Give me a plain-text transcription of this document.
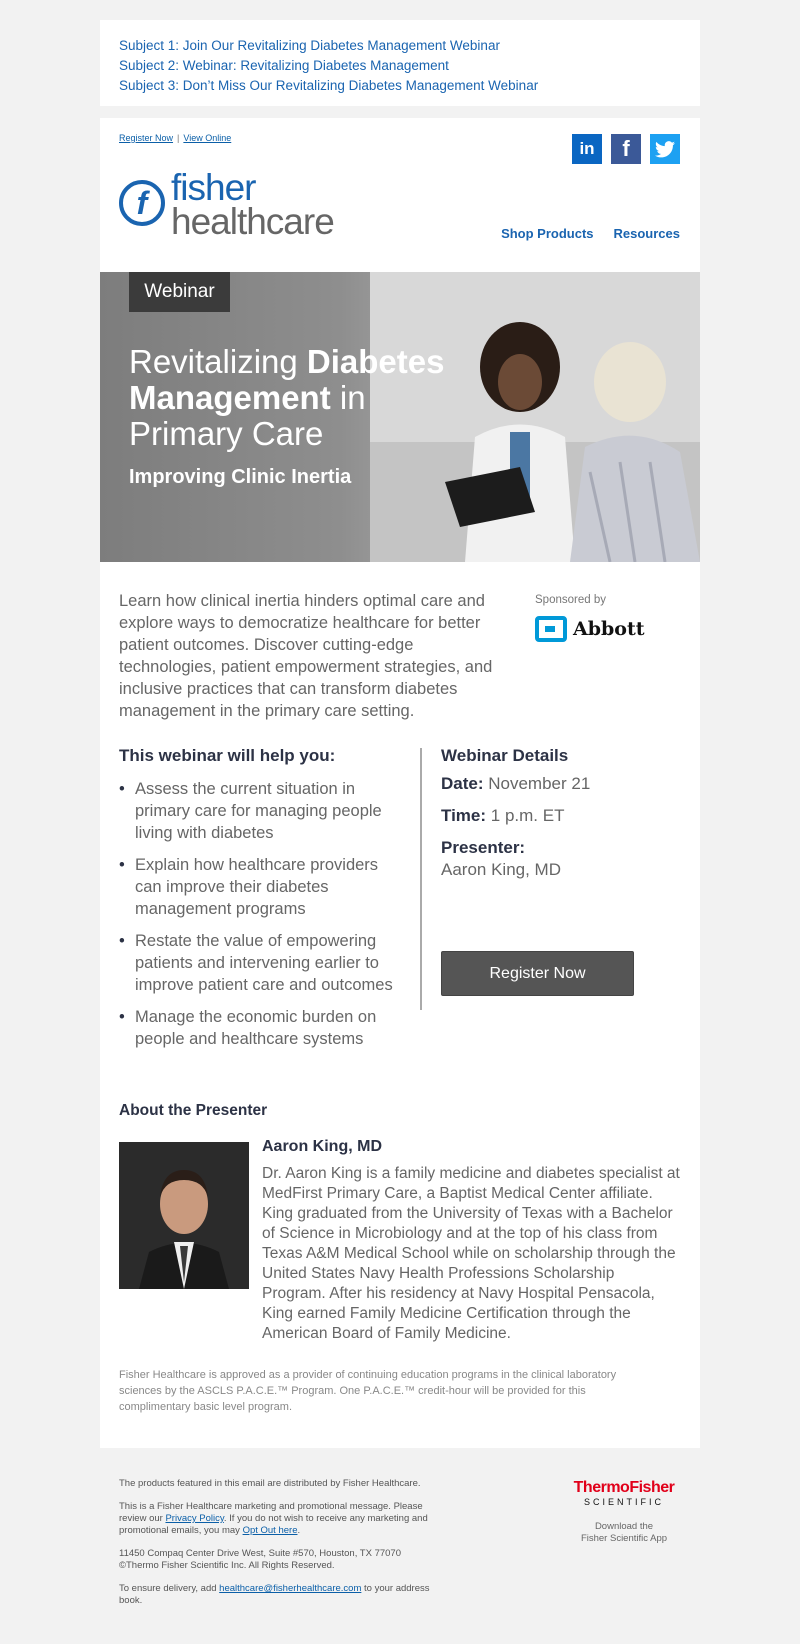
Subject 1: Join Our Revitalizing Diabetes Management Webinar
Subject 2: Webinar: Revitalizing Diabetes Management
Subject 3: Don’t Miss Our Revitalizing Diabetes Management Webinar
Register Now | View Online
in	f
f fisher
healthcare	Shop Products Resources
Webinar
Revitalizing Diabetes Management in Primary Care
Improving Clinic Inertia
Learn how clinical inertia hinders optimal care and explore ways to democratize healthcare for better patient outcomes. Discover cutting-edge technologies, patient empowerment strategies, and inclusive practices that can transform diabetes management in the primary care setting.
Sponsored by
Abbott
This webinar will help you:
• Assess the current situation in primary care for managing people living with diabetes
• Explain how healthcare providers can improve their diabetes management programs
• Restate the value of empowering patients and intervening earlier to improve patient care and outcomes
• Manage the economic burden on people and healthcare systems
Webinar Details
Date: November 21
Time: 1 p.m. ET
Presenter:
Aaron King, MD
Register Now
About the Presenter
Aaron King, MD
Dr. Aaron King is a family medicine and diabetes specialist at MedFirst Primary Care, a Baptist Medical Center affiliate. King graduated from the University of Texas with a Bachelor of Science in Microbiology and at the top of his class from Texas A&M Medical School while on scholarship through the United States Navy Health Professions Scholarship Program. After his residency at Navy Hospital Pensacola, King earned Family Medicine Certification through the American Board of Family Medicine.
Fisher Healthcare is approved as a provider of continuing education programs in the clinical laboratory sciences by the ASCLS P.A.C.E.™ Program. One P.A.C.E.™ credit-hour will be provided for this complimentary basic level program.

The products featured in this email are distributed by Fisher Healthcare.

This is a Fisher Healthcare marketing and promotional message. Please review our Privacy Policy. If you do not wish to receive any marketing and promotional emails, you may Opt Out here.

11450 Compaq Center Drive West, Suite #570, Houston, TX 77070
©Thermo Fisher Scientific Inc. All Rights Reserved.

To ensure delivery, add healthcare@fisherhealthcare.com to your address book.

ThermoFisher
SCIENTIFIC
Download the
Fisher Scientific App
